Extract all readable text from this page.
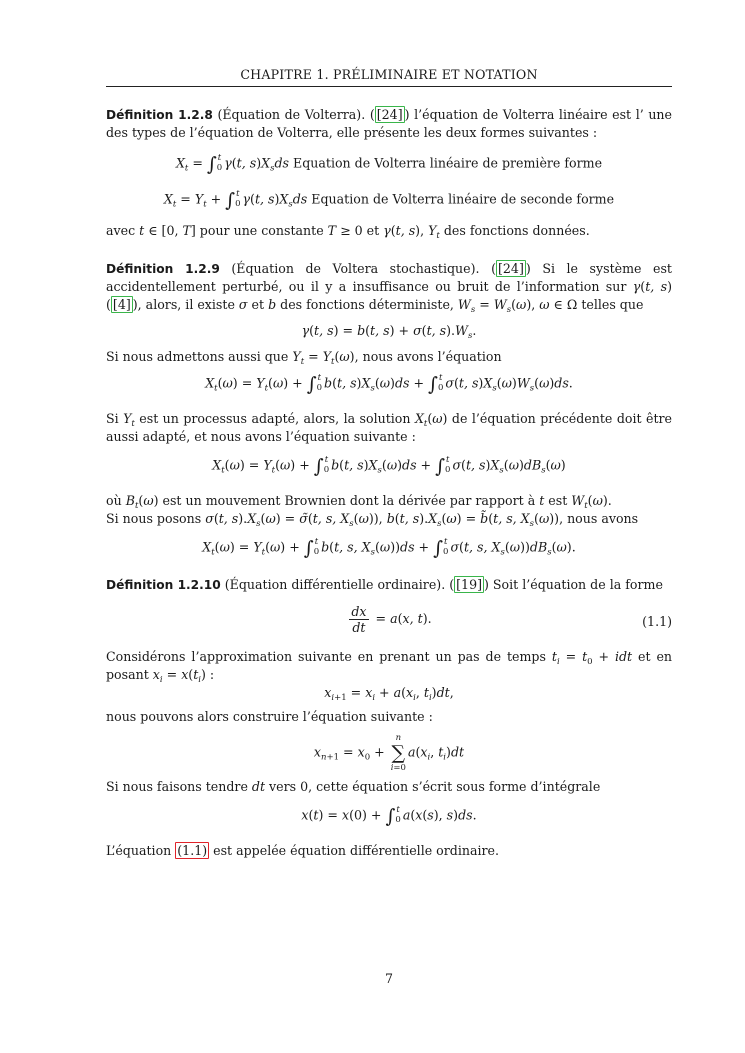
CHAPITRE 1. PRÉLIMINAIRE ET NOTATION

Définition 1.2.8 (Équation de Volterra). ( [24] ) l’équation de Volterra linéaire est l’ une des types de l’équation de Volterra, elle présente les deux formes suivantes :

$X_t$ = ∫ t
0 γ(t, $s)X_sds$ Equation de Volterra linéaire de première forme
$X_t = Y_t$ + ∫ t
0 γ(t, $s)X_sds$ Equation de Volterra linéaire de seconde forme

avec t ∈ [0, T] pour une constante T ≥ 0 et γ(t, s), $Y_t$ des fonctions données.

Définition 1.2.9 (Équation de Voltera stochastique). ( [24] ) Si le système est accidentellement perturbé, ou il y a insuffisance ou bruit de l’information sur γ(t, s) ( [4] ), alors, il existe σ et b des fonctions déterministe, $W_s = W_s(\omega)$, ω ∈ Ω telles que

γ(t, s) = b(t, s) + σ(t, $s).W_s$.

Si nous admettons aussi que $Y_t = Y_t(\omega)$, nous avons l’équation

$X_t(\omega) = Y_t(\omega)$ + ∫ t
0 b(t, $s)X_s(\omega)ds$ + ∫ t
0 σ(t, $s)X_s(\omega)W_s(\omega)ds$.

Si $Y_t$ est un processus adapté, alors, la solution $X_t(\omega)$ de l’équation précédente doit être aussi adapté, et nous avons l’équation suivante :

$X_t(\omega) = Y_t(\omega)$ + ∫ t
0 b(t, $s)X_s(\omega)ds$ + ∫ t
0 σ(t, $s)X_s(\omega)dB_s(\omega)$

où $B_t(\omega)$ est un mouvement Brownien dont la dérivée par rapport à t est $W_t(\omega)$.
Si nous posons σ(t, $s).X_s(\omega)$ = σ̃(t, s, $X_s(\omega)$), b(t, $s).X_s(\omega)$ = b̃(t, s, $X_s(\omega)$), nous avons

$X_t(\omega) = Y_t(\omega)$ + ∫ t
0 b(t, s, $X_s(\omega))ds$ + ∫ t
0 σ(t, s, $X_s(\omega))dB_s(\omega)$.

Définition 1.2.10 (Équation différentielle ordinaire). ( [19] ) Soit l’équation de la forme

$\frac{dx}{dt} = a(x$, t).	(1.1)

Considérons l’approximation suivante en prenant un pas de temps $t_i = t_0$ + idt et en posant $x_i = x(t_i)$ :

$x_{i+1} = x_i + a(x_i$, $t_i)dt$,

nous pouvons alors construire l’équation suivante :

$x_{n+1} = x_0$ +
n
∑
i=0
$a(x_i$, $t_i)dt$

Si nous faisons tendre dt vers 0, cette équation s’écrit sous forme d’intégrale

x(t) = x(0) + ∫ t
0 a(x(s), s)ds.

L’équation (1.1) est appelée équation différentielle ordinaire.

7
